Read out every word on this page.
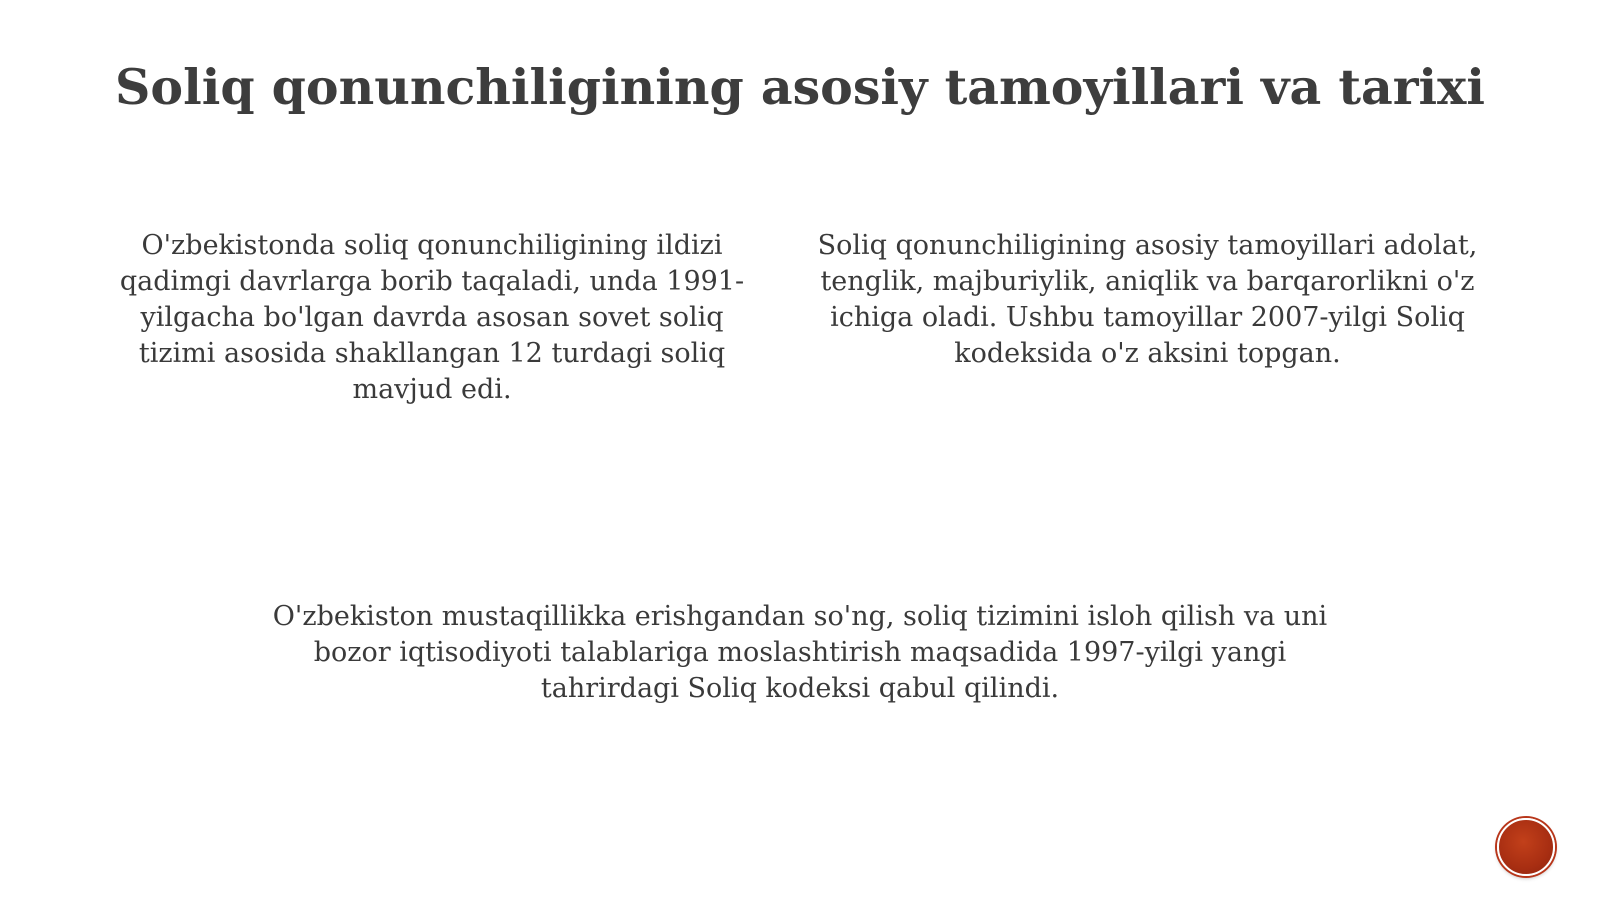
Soliq qonunchiligining asosiy tamoyillari va tarixi

O'zbekistonda soliq qonunchiligining ildizi qadimgi davrlarga borib taqaladi, unda 1991-yilgacha bo'lgan davrda asosan sovet soliq tizimi asosida shakllangan 12 turdagi soliq mavjud edi.

Soliq qonunchiligining asosiy tamoyillari adolat, tenglik, majburiylik, aniqlik va barqarorlikni o'z ichiga oladi. Ushbu tamoyillar 2007-yilgi Soliq kodeksida o'z aksini topgan.

O'zbekiston mustaqillikka erishgandan so'ng, soliq tizimini isloh qilish va uni bozor iqtisodiyoti talablariga moslashtirish maqsadida 1997-yilgi yangi tahrirdagi Soliq kodeksi qabul qilindi.
